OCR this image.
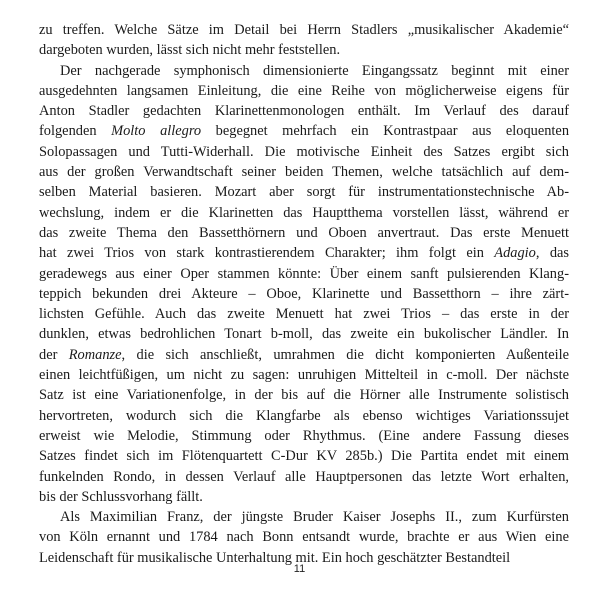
zu treffen. Welche Sätze im Detail bei Herrn Stadlers „musikalischer Akademie“
dargeboten wurden, lässt sich nicht mehr feststellen.
Der nachgerade symphonisch dimensionierte Eingangssatz beginnt mit einer
ausgedehnten langsamen Einleitung, die eine Reihe von möglicherweise eigens für
Anton Stadler gedachten Klarinettenmonologen enthält. Im Verlauf des darauf
folgenden Molto allegro begegnet mehrfach ein Kontrastpaar aus eloquenten
Solopassagen und Tutti-Widerhall. Die motivische Einheit des Satzes ergibt sich
aus der großen Verwandtschaft seiner beiden Themen, welche tatsächlich auf dem-
selben Material basieren. Mozart aber sorgt für instrumentationstechnische Ab-
wechslung, indem er die Klarinetten das Hauptthema vorstellen lässt, während er
das zweite Thema den Bassetthörnern und Oboen anvertraut. Das erste Menuett
hat zwei Trios von stark kontrastierendem Charakter; ihm folgt ein Adagio, das
geradewegs aus einer Oper stammen könnte: Über einem sanft pulsierenden Klang-
teppich bekunden drei Akteure – Oboe, Klarinette und Bassetthorn – ihre zärt-
lichsten Gefühle. Auch das zweite Menuett hat zwei Trios – das erste in der
dunklen, etwas bedrohlichen Tonart b-moll, das zweite ein bukolischer Ländler. In
der Romanze, die sich anschließt, umrahmen die dicht komponierten Außenteile
einen leichtfüßigen, um nicht zu sagen: unruhigen Mittelteil in c-moll. Der nächste
Satz ist eine Variationenfolge, in der bis auf die Hörner alle Instrumente solistisch
hervortreten, wodurch sich die Klangfarbe als ebenso wichtiges Variationssujet
erweist wie Melodie, Stimmung oder Rhythmus. (Eine andere Fassung dieses
Satzes findet sich im Flötenquartett C-Dur KV 285b.) Die Partita endet mit einem
funkelnden Rondo, in dessen Verlauf alle Hauptpersonen das letzte Wort erhalten,
bis der Schlussvorhang fällt.
Als Maximilian Franz, der jüngste Bruder Kaiser Josephs II., zum Kurfürsten
von Köln ernannt und 1784 nach Bonn entsandt wurde, brachte er aus Wien eine
Leidenschaft für musikalische Unterhaltung mit. Ein hoch geschätzter Bestandteil
11
